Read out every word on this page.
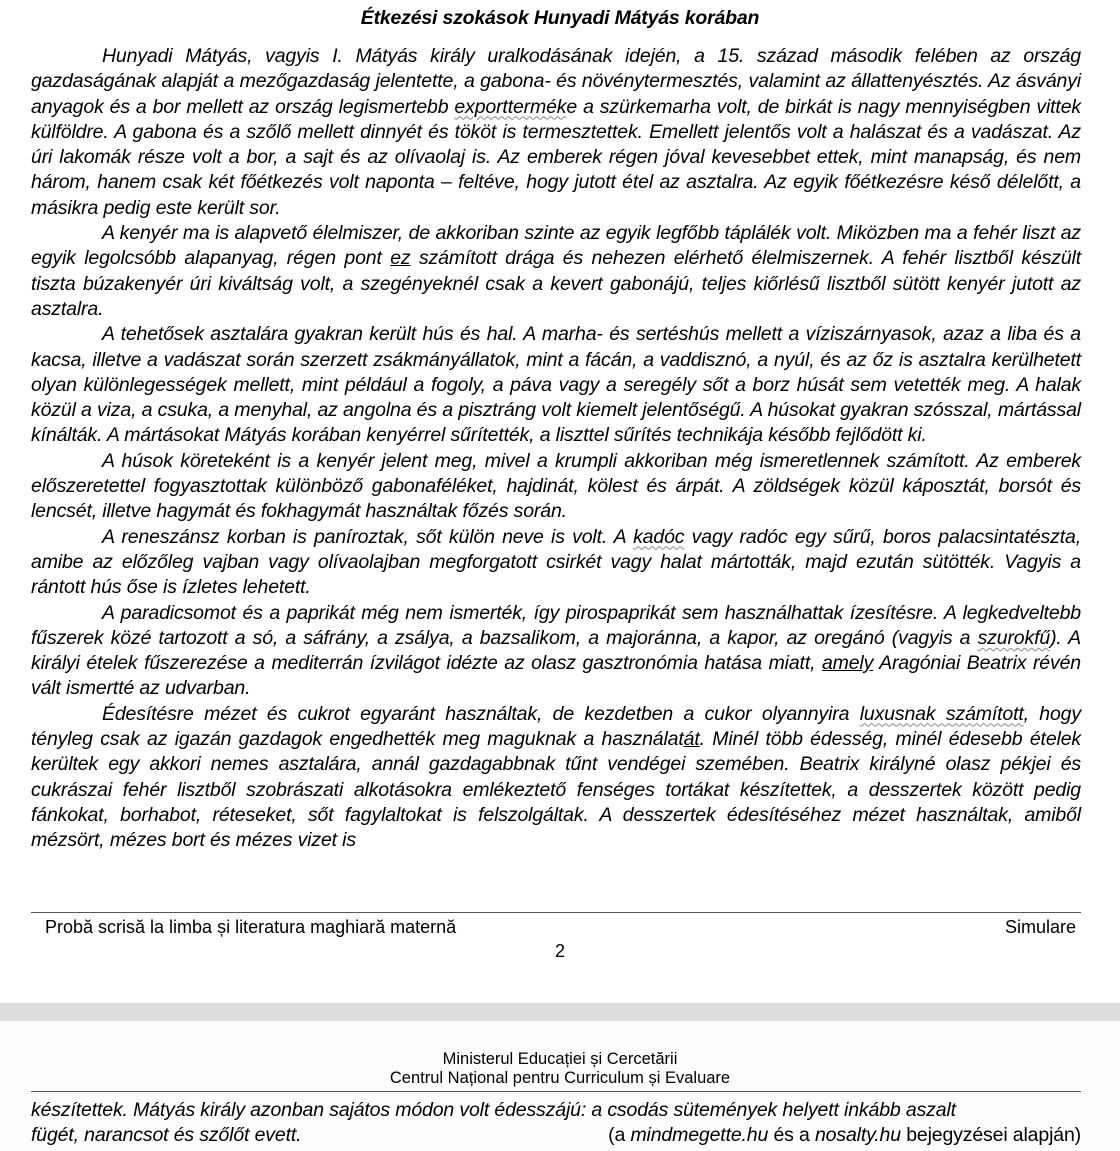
Étkezési szokások Hunyadi Mátyás korában

Hunyadi Mátyás, vagyis I. Mátyás király uralkodásának idején, a 15. század második felében az ország gazdaságának alapját a mezőgazdaság jelentette, a gabona- és növénytermesztés, valamint az állattenyésztés. Az ásványi anyagok és a bor mellett az ország legismertebb exportterméke a szürkemarha volt, de birkát is nagy mennyiségben vittek külföldre. A gabona és a szőlő mellett dinnyét és tököt is termesztettek. Emellett jelentős volt a halászat és a vadászat. Az úri lakomák része volt a bor, a sajt és az olívaolaj is. Az emberek régen jóval kevesebbet ettek, mint manapság, és nem három, hanem csak két főétkezés volt naponta – feltéve, hogy jutott étel az asztalra. Az egyik főétkezésre késő délelőtt, a másikra pedig este került sor.

A kenyér ma is alapvető élelmiszer, de akkoriban szinte az egyik legfőbb táplálék volt. Miközben ma a fehér liszt az egyik legolcsóbb alapanyag, régen pont ez számított drága és nehezen elérhető élelmiszernek. A fehér lisztből készült tiszta búzakenyér úri kiváltság volt, a szegényeknél csak a kevert gabonájú, teljes kiőrlésű lisztből sütött kenyér jutott az asztalra.

A tehetősek asztalára gyakran került hús és hal. A marha- és sertéshús mellett a víziszárnyasok, azaz a liba és a kacsa, illetve a vadászat során szerzett zsákmányállatok, mint a fácán, a vaddisznó, a nyúl, és az őz is asztalra kerülhetett olyan különlegességek mellett, mint például a fogoly, a páva vagy a seregély sőt a borz húsát sem vetették meg. A halak közül a viza, a csuka, a menyhal, az angolna és a pisztráng volt kiemelt jelentőségű. A húsokat gyakran szósszal, mártással kínálták. A mártásokat Mátyás korában kenyérrel sűrítették, a liszttel sűrítés technikája később fejlődött ki.

A húsok köreteként is a kenyér jelent meg, mivel a krumpli akkoriban még ismeretlennek számított. Az emberek előszeretettel fogyasztottak különböző gabonaféléket, hajdinát, kölest és árpát. A zöldségek közül káposztát, borsót és lencsét, illetve hagymát és fokhagymát használtak főzés során.

A reneszánsz korban is paníroztak, sőt külön neve is volt. A kadóc vagy radóc egy sűrű, boros palacsintatészta, amibe az előzőleg vajban vagy olívaolajban megforgatott csirkét vagy halat mártották, majd ezután sütötték. Vagyis a rántott hús őse is ízletes lehetett.

A paradicsomot és a paprikát még nem ismerték, így pirospaprikát sem használhattak ízesítésre. A legkedveltebb fűszerek közé tartozott a só, a sáfrány, a zsálya, a bazsalikom, a majoránna, a kapor, az oregánó (vagyis a szurokfű). A királyi ételek fűszerezése a mediterrán ízvilágot idézte az olasz gasztronómia hatása miatt, amely Aragóniai Beatrix révén vált ismertté az udvarban.

Édesítésre mézet és cukrot egyaránt használtak, de kezdetben a cukor olyannyira luxusnak számított, hogy tényleg csak az igazán gazdagok engedhették meg maguknak a használatát. Minél több édesség, minél édesebb ételek kerültek egy akkori nemes asztalára, annál gazdagabbnak tűnt vendégei szemében. Beatrix királyné olasz pékjei és cukrászai fehér lisztből szobrászati alkotásokra emlékeztető fenséges tortákat készítettek, a desszertek között pedig fánkokat, borhabot, réteseket, sőt fagylaltokat is felszolgáltak. A desszertek édesítéséhez mézet használtak, amiből mézsört, mézes bort és mézes vizet is

Probă scrisă la limba și literatura maghiară maternă	Simulare
2
Ministerul Educației și Cercetării
Centrul Național pentru Curriculum și Evaluare
készítettek. Mátyás király azonban sajátos módon volt édesszájú: a csodás sütemények helyett inkább aszalt
fügét, narancsot és szőlőt evett.	(a mindmegette.hu és a nosalty.hu bejegyzései alapján)
